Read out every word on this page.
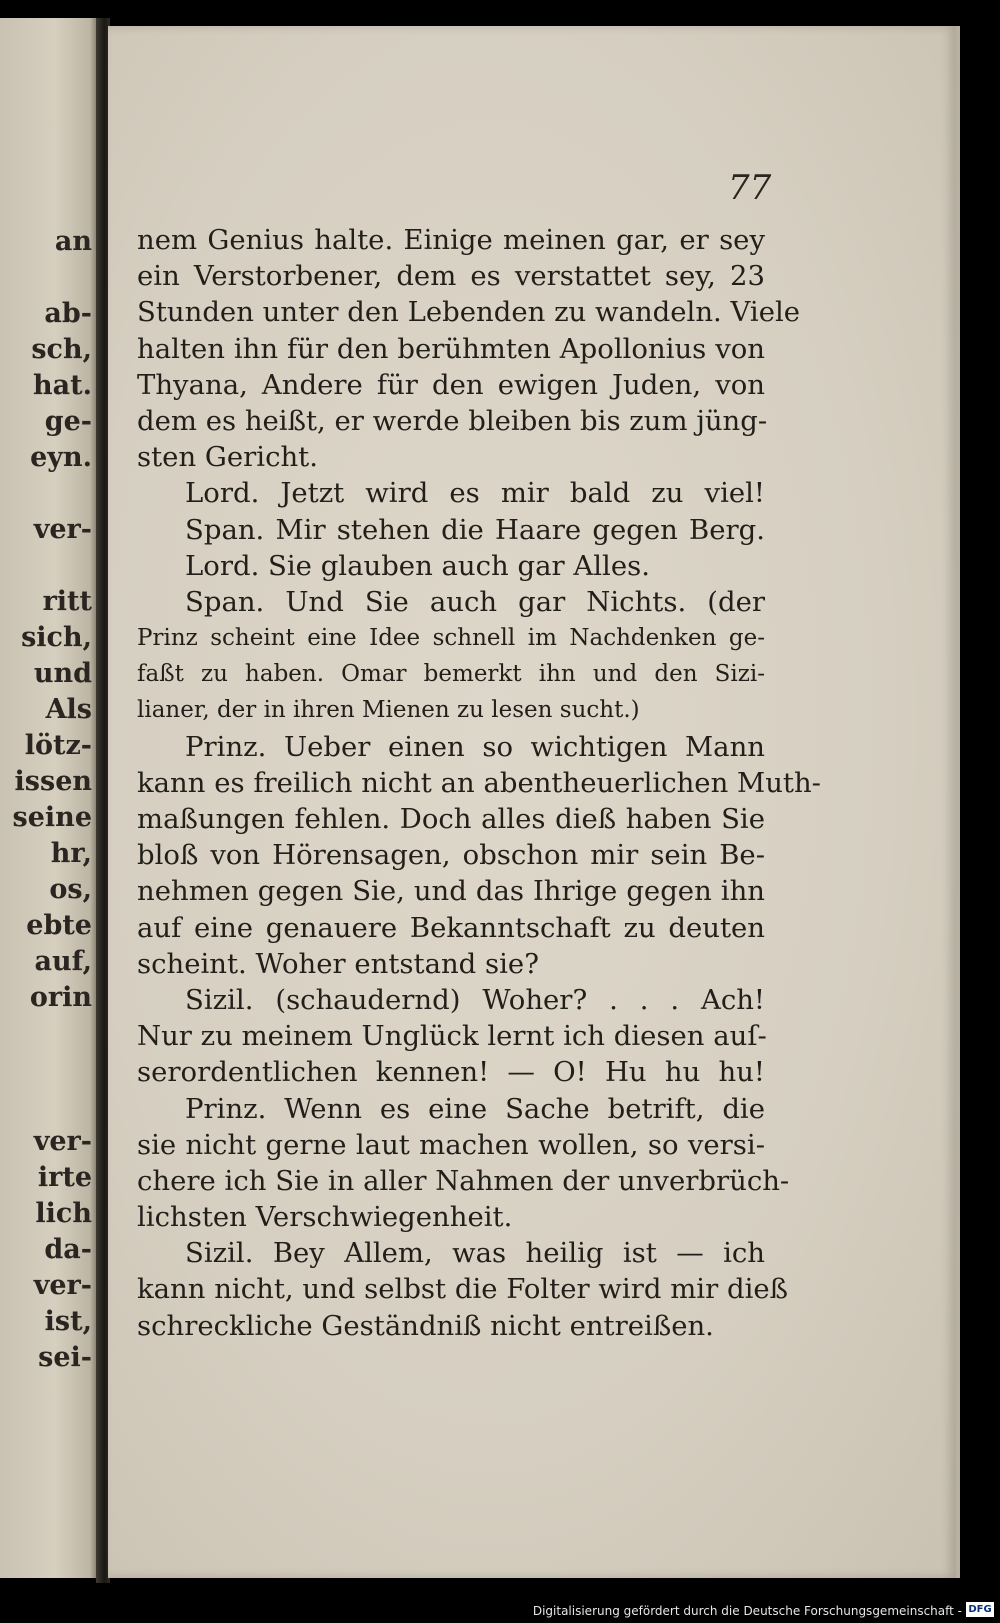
an
ab-
sch,
hat.
ge-
eyn.
ver-
ritt
sich,
und
Als
lötz-
issen
seine
hr,
os,
ebte
auf,
orin
ver-
irte
lich
da-
ver-
ist,
sei-
77
nem Genius halte. Einige meinen gar, er sey
ein Verstorbener, dem es verstattet sey, 23
Stunden unter den Lebenden zu wandeln. Viele
halten ihn für den berühmten Apollonius von
Thyana, Andere für den ewigen Juden, von
dem es heißt, er werde bleiben bis zum jüng-
sten Gericht.
Lord. Jetzt wird es mir bald zu viel!
Span. Mir stehen die Haare gegen Berg.
Lord. Sie glauben auch gar Alles.
Span. Und Sie auch gar Nichts. (der
Prinz scheint eine Idee schnell im Nachdenken ge-
faßt zu haben. Omar bemerkt ihn und den Sizi-
lianer, der in ihren Mienen zu lesen sucht.)
Prinz. Ueber einen so wichtigen Mann
kann es freilich nicht an abentheuerlichen Muth-
maßungen fehlen. Doch alles dieß haben Sie
bloß von Hörensagen, obschon mir sein Be-
nehmen gegen Sie, und das Ihrige gegen ihn
auf eine genauere Bekanntschaft zu deuten
scheint. Woher entstand sie?
Sizil. (schaudernd) Woher? . . . Ach!
Nur zu meinem Unglück lernt ich diesen auſ-
serordentlichen kennen! — O! Hu hu hu!
Prinz. Wenn es eine Sache betrift, die
sie nicht gerne laut machen wollen, so versi-
chere ich Sie in aller Nahmen der unverbrüch-
lichsten Verschwiegenheit.
Sizil. Bey Allem, was heilig ist — ich
kann nicht, und selbst die Folter wird mir dieß
schreckliche Geständniß nicht entreißen.
Digitalisierung gefördert durch die Deutsche Forschungsgemeinschaft - DFG
